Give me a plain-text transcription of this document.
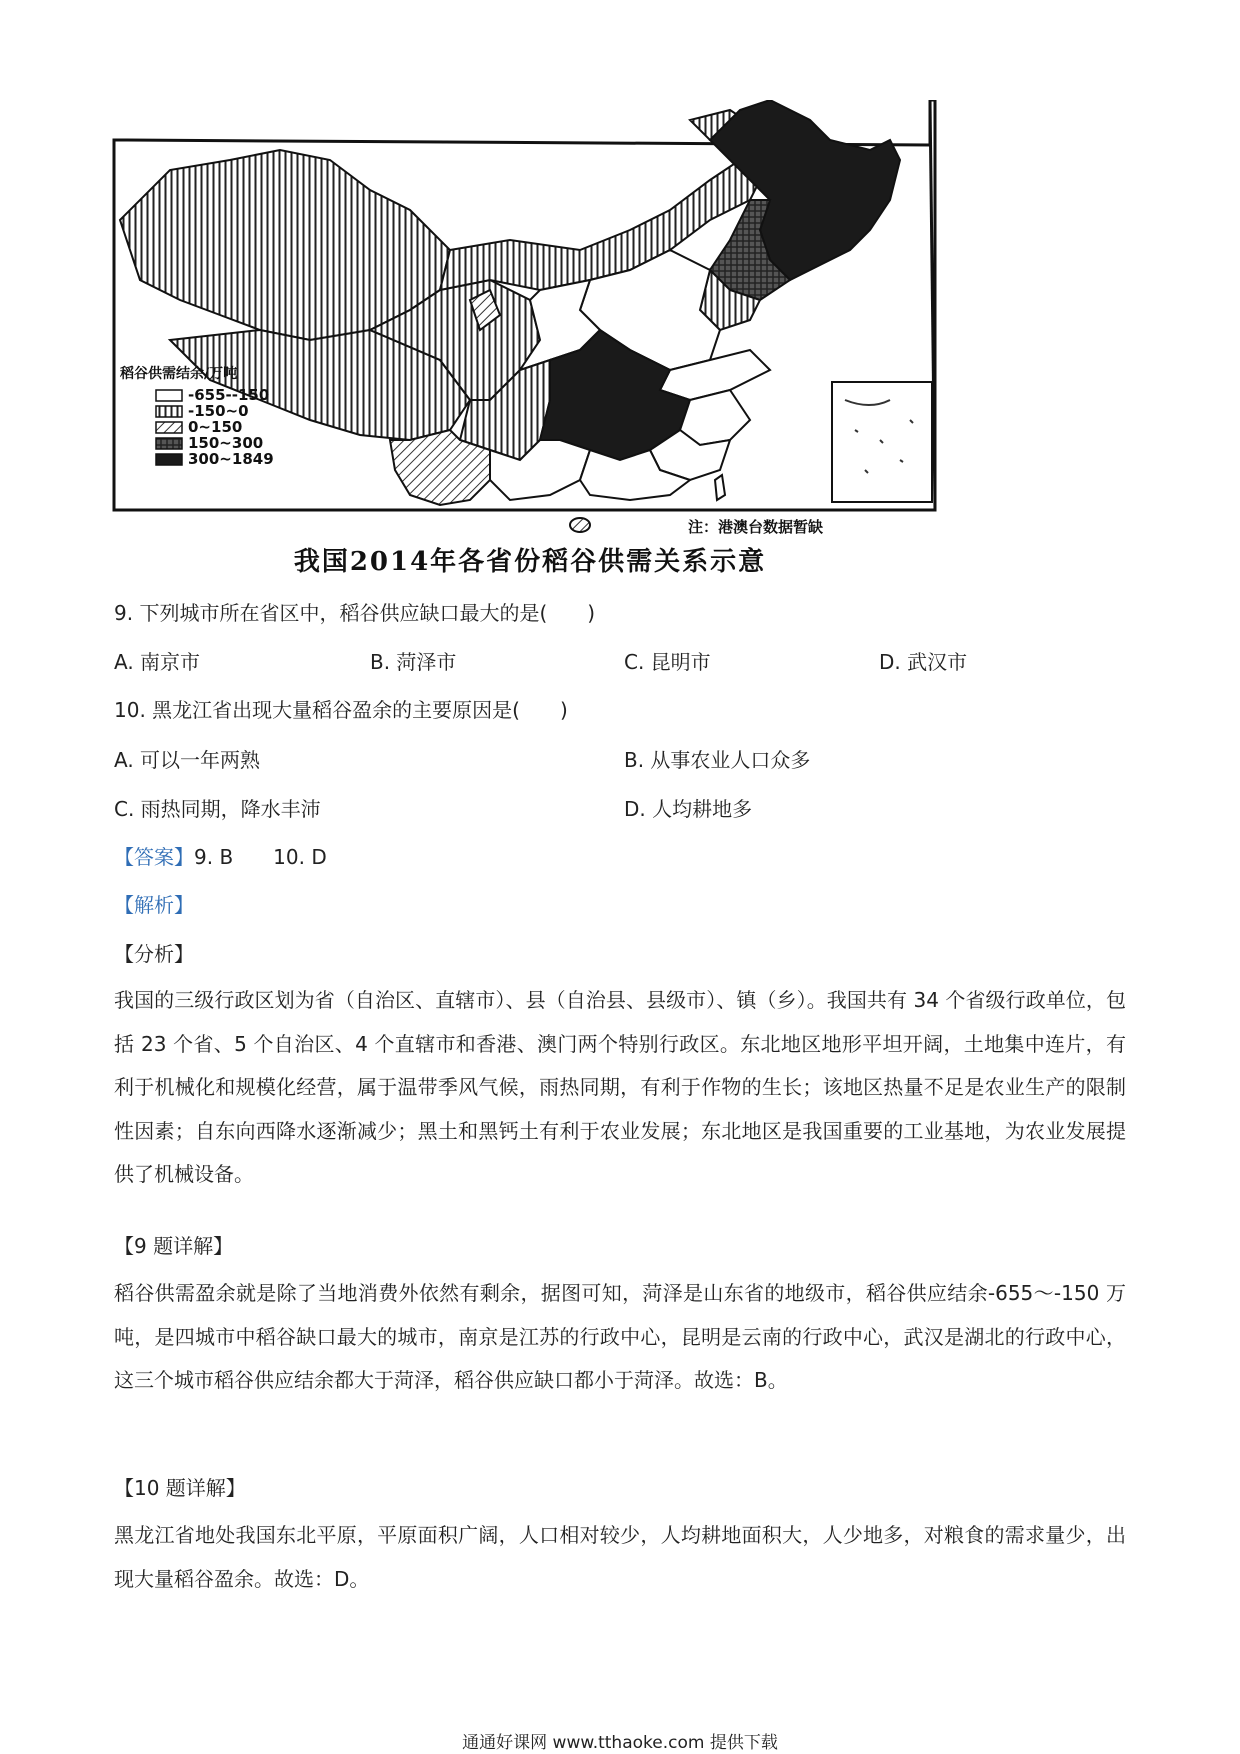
稻谷供需结余/万吨
-655--150
-150~0
0~150
150~300
300~1849
注：港澳台数据暂缺
我国2014年各省份稻谷供需关系示意
9. 下列城市所在省区中，稻谷供应缺口最大的是(　　)
A. 南京市	B. 菏泽市	C. 昆明市	D. 武汉市
10. 黑龙江省出现大量稻谷盈余的主要原因是(　　)
A. 可以一年两熟	B. 从事农业人口众多
C. 雨热同期，降水丰沛	D. 人均耕地多
【答案】9. B 10. D
【解析】
【分析】
我国的三级行政区划为省（自治区、直辖市）、县（自治县、县级市）、镇（乡）。我国共有 34 个省级行政单位，包括 23 个省、5 个自治区、4 个直辖市和香港、澳门两个特别行政区。东北地区地形平坦开阔，土地集中连片，有利于机械化和规模化经营，属于温带季风气候，雨热同期，有利于作物的生长；该地区热量不足是农业生产的限制性因素；自东向西降水逐渐减少；黑土和黑钙土有利于农业发展；东北地区是我国重要的工业基地，为农业发展提供了机械设备。
【9 题详解】
稻谷供需盈余就是除了当地消费外依然有剩余，据图可知，菏泽是山东省的地级市，稻谷供应结余-655～-150 万吨，是四城市中稻谷缺口最大的城市，南京是江苏的行政中心，昆明是云南的行政中心，武汉是湖北的行政中心，这三个城市稻谷供应结余都大于菏泽，稻谷供应缺口都小于菏泽。故选：B。
【10 题详解】
黑龙江省地处我国东北平原，平原面积广阔，人口相对较少，人均耕地面积大，人少地多，对粮食的需求量少，出现大量稻谷盈余。故选：D。
通通好课网 www.tthaoke.com 提供下载
